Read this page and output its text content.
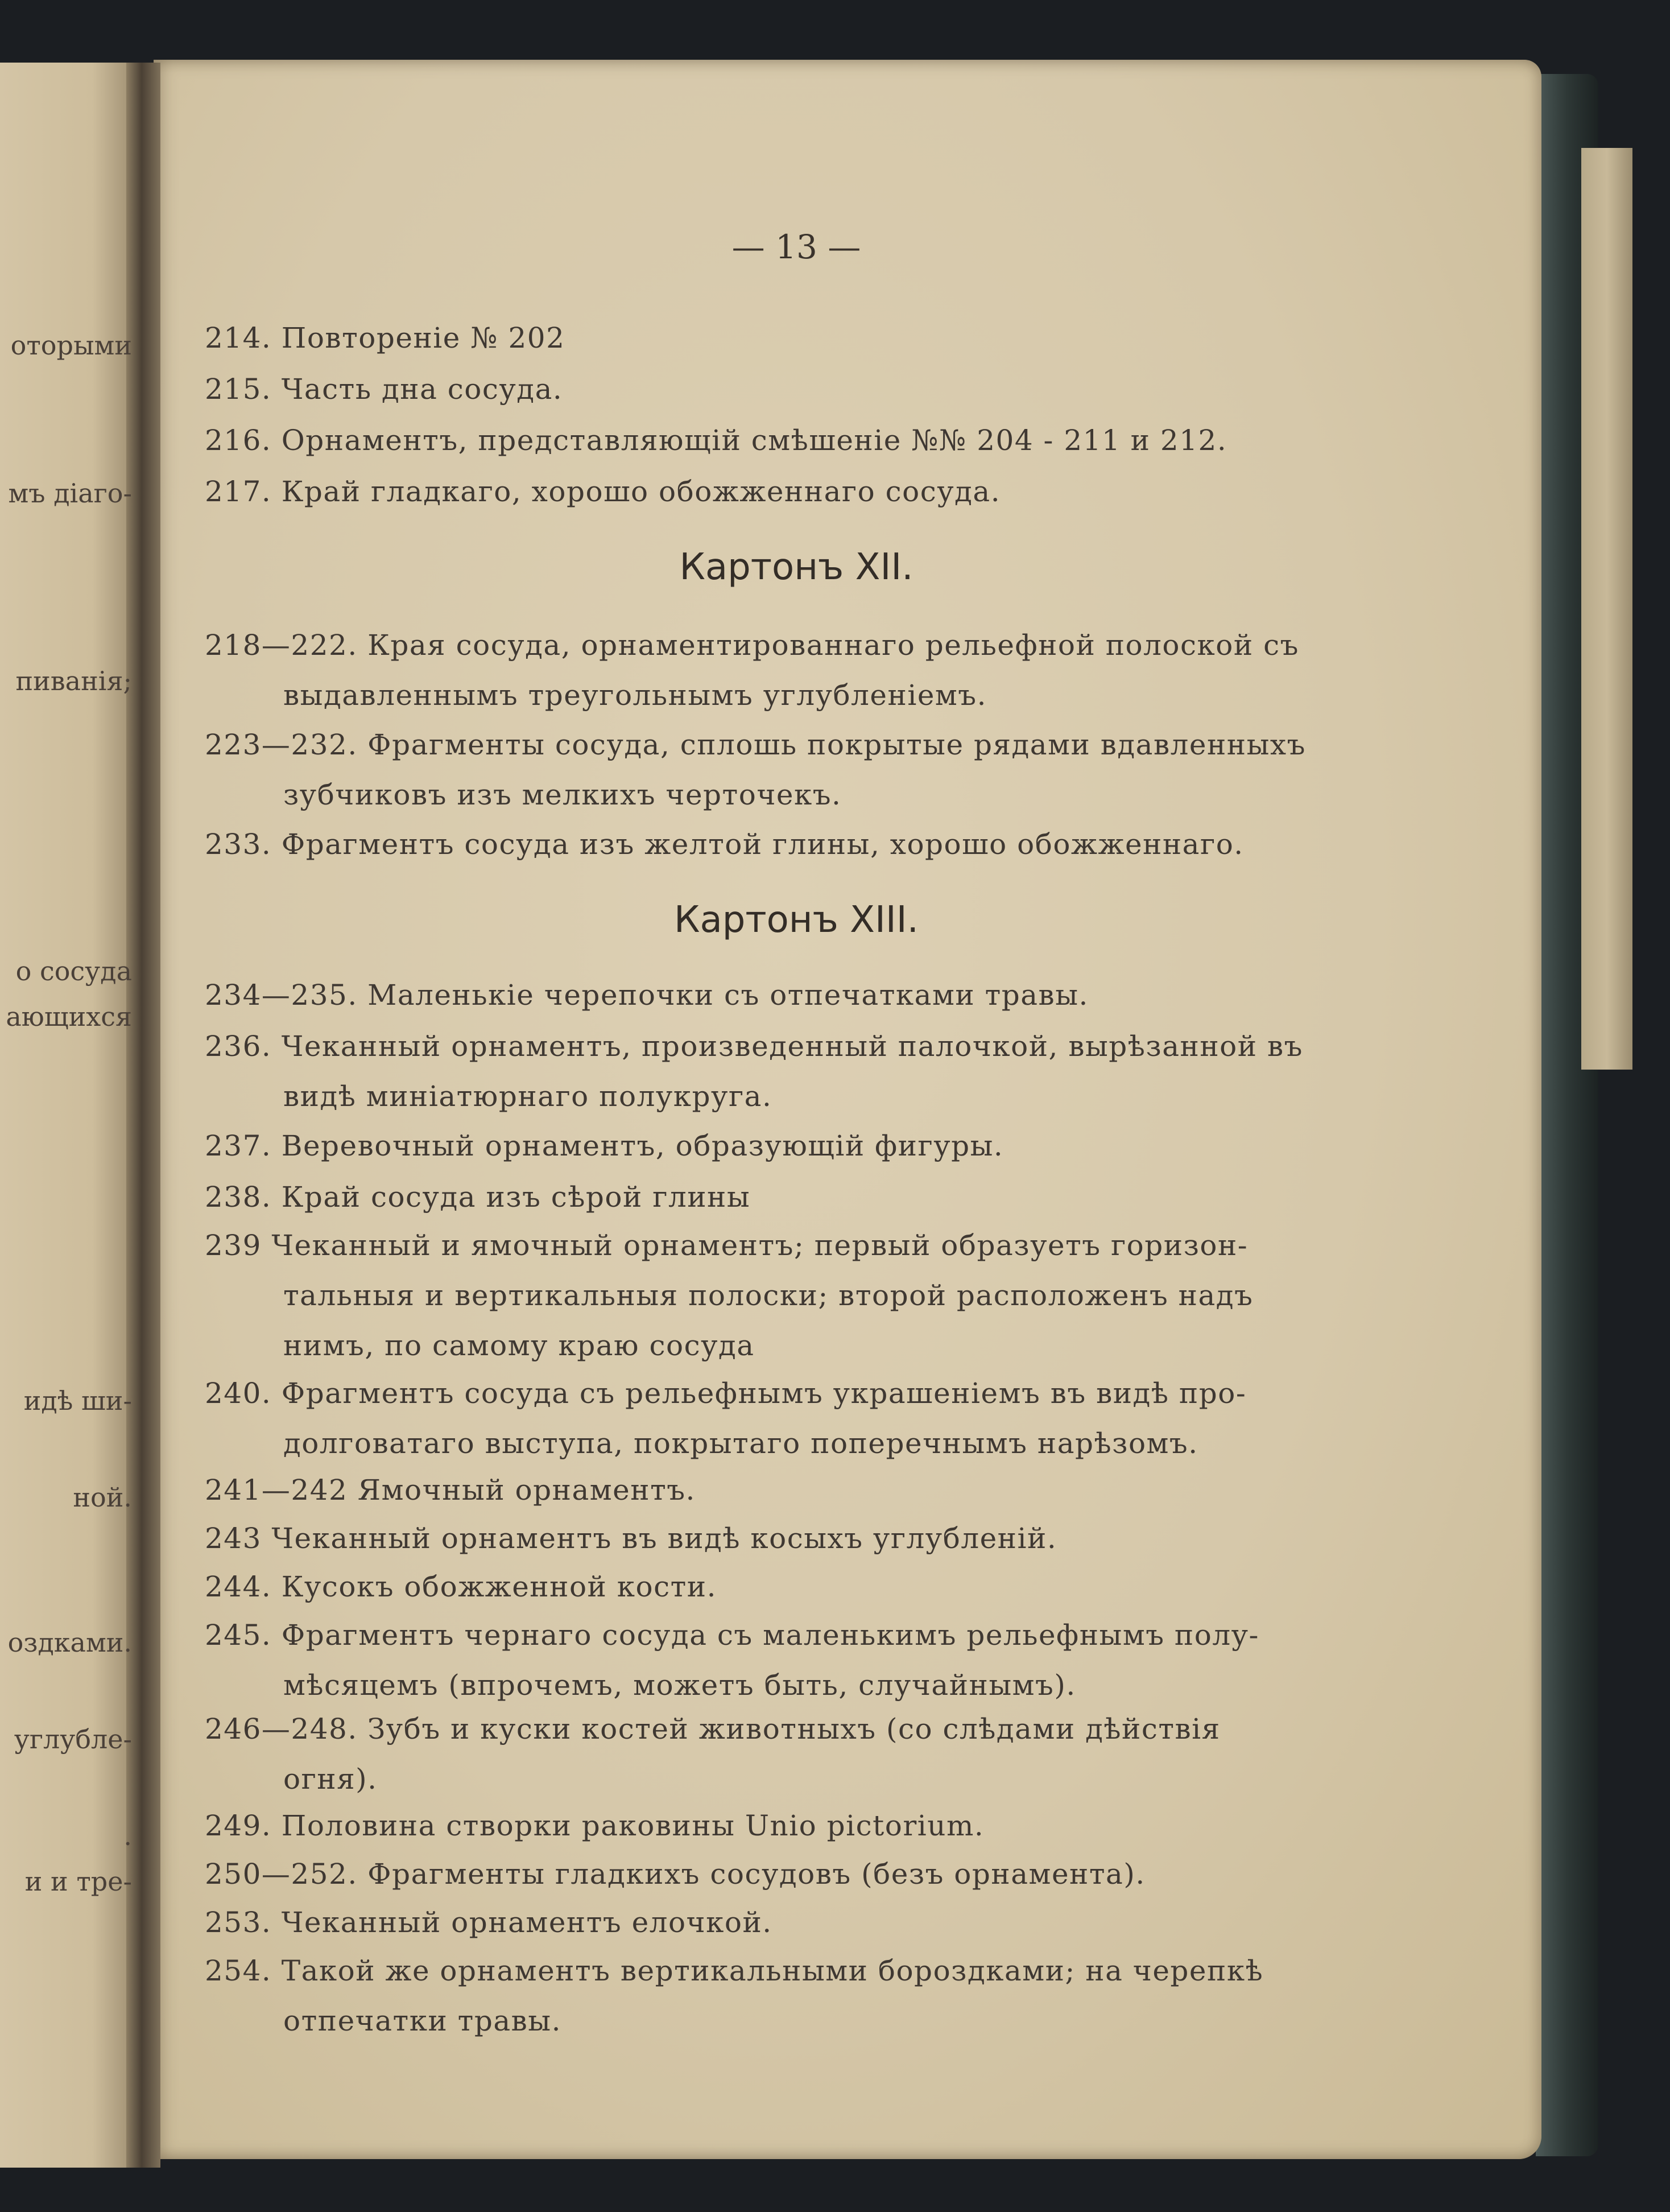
оторыми
мъ діаго-
пиванія;
о сосуда
ающихся
идѣ ши-
ной.
оздками.
углубле-
.
и и тре-
— 13 —
214. Повтореніе № 202
215. Часть дна сосуда.
216. Орнаментъ, представляющій смѣшеніе №№ 204 - 211 и 212.
217. Край гладкаго, хорошо обожженнаго сосуда.
Картонъ XII.
218—222. Края сосуда, орнаментированнаго рельефной полоской съ
выдавленнымъ треугольнымъ углубленіемъ.
223—232. Фрагменты сосуда, сплошь покрытые рядами вдавленныхъ
зубчиковъ изъ мелкихъ черточекъ.
233. Фрагментъ сосуда изъ желтой глины, хорошо обожженнаго.
Картонъ XIII.
234—235. Маленькіе черепочки съ отпечатками травы.
236. Чеканный орнаментъ, произведенный палочкой, вырѣзанной въ
видѣ миніатюрнаго полукруга.
237. Веревочный орнаментъ, образующій фигуры.
238. Край сосуда изъ сѣрой глины
239 Чеканный и ямочный орнаментъ; первый образуетъ горизон-
тальныя и вертикальныя полоски; второй расположенъ надъ
нимъ, по самому краю сосуда
240. Фрагментъ сосуда съ рельефнымъ украшеніемъ въ видѣ про-
долговатаго выступа, покрытаго поперечнымъ нарѣзомъ.
241—242 Ямочный орнаментъ.
243 Чеканный орнаментъ въ видѣ косыхъ углубленій.
244. Кусокъ обожженной кости.
245. Фрагментъ чернаго сосуда съ маленькимъ рельефнымъ полу-
мѣсяцемъ (впрочемъ, можетъ быть, случайнымъ).
246—248. Зубъ и куски костей животныхъ (со слѣдами дѣйствія
огня).
249. Половина створки раковины Unio pictorium.
250—252. Фрагменты гладкихъ сосудовъ (безъ орнамента).
253. Чеканный орнаментъ елочкой.
254. Такой же орнаментъ вертикальными бороздками; на черепкѣ
отпечатки травы.
